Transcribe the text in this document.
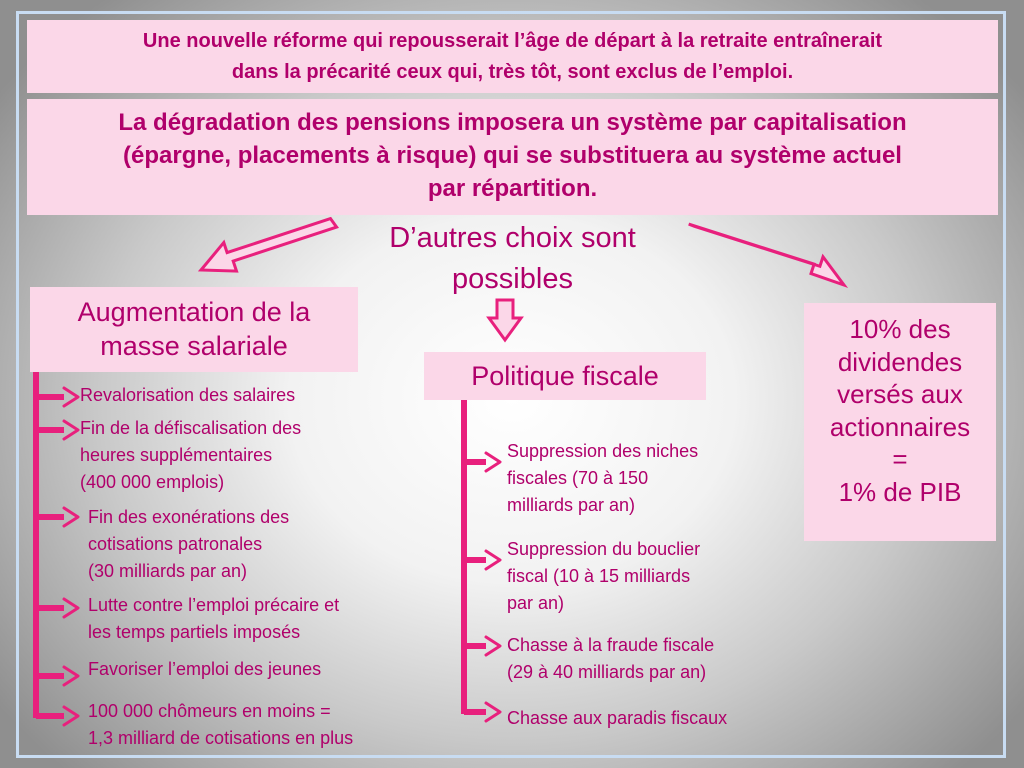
Une nouvelle réforme qui repousserait l’âge de départ à la retraite entraînerait
dans la précarité ceux qui, très tôt, sont exclus de l’emploi.
La dégradation des pensions imposera un système par capitalisation
(épargne, placements à risque) qui se substituera au système actuel
par répartition.
D’autres choix sont
possibles
Augmentation de la
masse salariale
Politique fiscale
10% des
dividendes
versés aux
actionnaires
=
1% de PIB
Revalorisation des salaires
Fin de la défiscalisation des
heures supplémentaires
(400 000 emplois)
Fin des exonérations des
cotisations patronales
(30 milliards par an)
Lutte contre l’emploi précaire et
les temps partiels imposés
Favoriser l’emploi des jeunes
100 000 chômeurs en moins =
1,3 milliard de cotisations en plus
Suppression des niches
fiscales (70 à 150
milliards par an)
Suppression du bouclier
fiscal (10 à 15 milliards
par an)
Chasse à la fraude fiscale
(29 à 40 milliards par an)
Chasse aux paradis fiscaux
